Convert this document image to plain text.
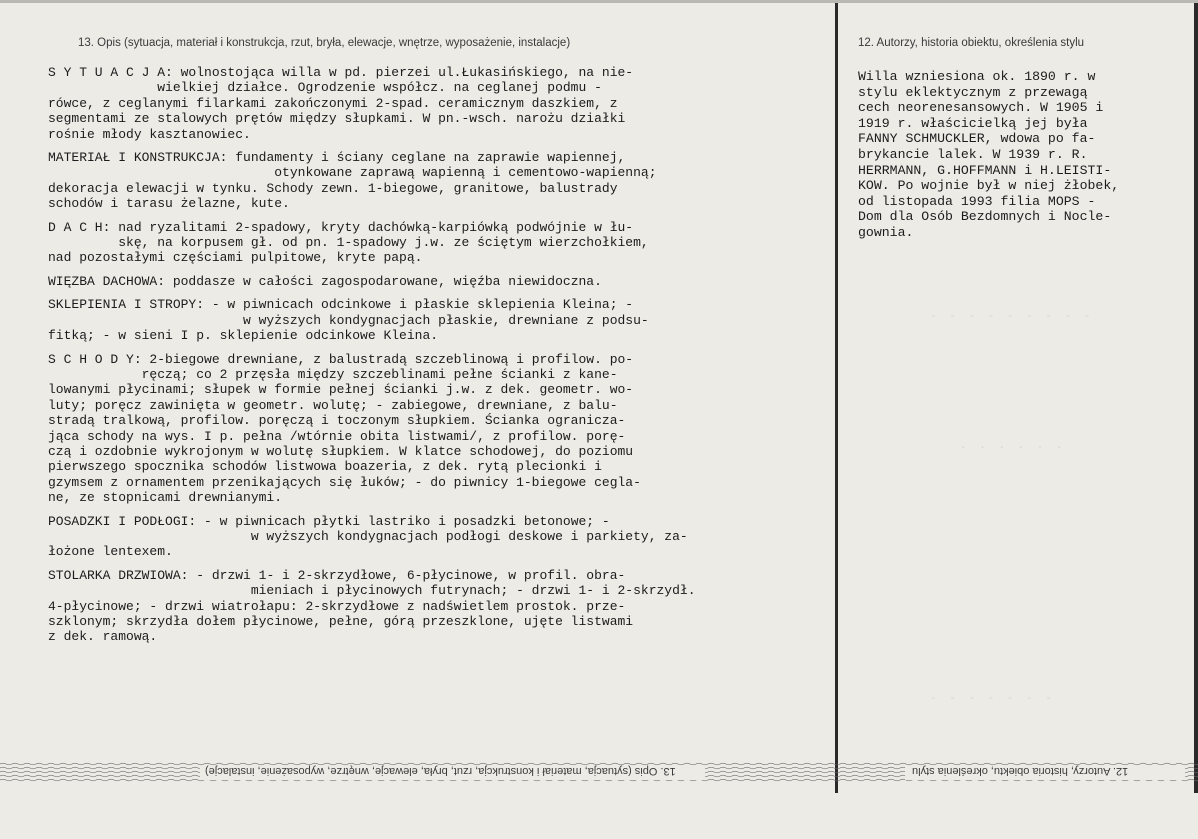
13. Opis (sytuacja, materiał i konstrukcja, rzut, bryła, elewacje, wnętrze, wyposażenie, instalacje)	12. Autorzy, historia obiektu, określenia stylu
S Y T U A C J A: wolnostojąca willa w pd. pierzei ul.Łukasińskiego, na nie-
wielkiej działce. Ogrodzenie współcz. na ceglanej podmu -
rówce, z ceglanymi filarkami zakończonymi 2-spad. ceramicznym daszkiem, z
segmentami ze stalowych prętów między słupkami. W pn.-wsch. narożu działki
rośnie młody kasztanowiec.
MATERIAŁ I KONSTRUKCJA: fundamenty i ściany ceglane na zaprawie wapiennej,
otynkowane zaprawą wapienną i cementowo-wapienną;
dekoracja elewacji w tynku. Schody zewn. 1-biegowe, granitowe, balustrady
schodów i tarasu żelazne, kute.
D A C H: nad ryzalitami 2-spadowy, kryty dachówką-karpiówką podwójnie w łu-
skę, na korpusem gł. od pn. 1-spadowy j.w. ze ściętym wierzchołkiem,
nad pozostałymi częściami pulpitowe, kryte papą.
WIĘZBA DACHOWA: poddasze w całości zagospodarowane, więźba niewidoczna.
SKLEPIENIA I STROPY: - w piwnicach odcinkowe i płaskie sklepienia Kleina; -
w wyższych kondygnacjach płaskie, drewniane z podsu-
fitką; - w sieni I p. sklepienie odcinkowe Kleina.
S C H O D Y: 2-biegowe drewniane, z balustradą szczeblinową i profilow. po-
ręczą; co 2 przęsła między szczeblinami pełne ścianki z kane-
lowanymi płycinami; słupek w formie pełnej ścianki j.w. z dek. geometr. wo-
luty; poręcz zawinięta w geometr. wolutę; - zabiegowe, drewniane, z balu-
stradą tralkową, profilow. poręczą i toczonym słupkiem. Ścianka ogranicza-
jąca schody na wys. I p. pełna /wtórnie obita listwami/, z profilow. porę-
czą i ozdobnie wykrojonym w wolutę słupkiem. W klatce schodowej, do poziomu
pierwszego spocznika schodów listwowa boazeria, z dek. rytą plecionki i
gzymsem z ornamentem przenikających się łuków; - do piwnicy 1-biegowe cegla-
ne, ze stopnicami drewnianymi.
POSADZKI I PODŁOGI: - w piwnicach płytki lastriko i posadzki betonowe; -
w wyższych kondygnacjach podłogi deskowe i parkiety, za-
łożone lentexem.
STOLARKA DRZWIOWA: - drzwi 1- i 2-skrzydłowe, 6-płycinowe, w profil. obra-
mieniach i płycinowych futrynach; - drzwi 1- i 2-skrzydł.
4-płycinowe; - drzwi wiatrołapu: 2-skrzydłowe z nadświetlem prostok. prze-
szklonym; skrzydła dołem płycinowe, pełne, górą przeszklone, ujęte listwami
z dek. ramową.
Willa wzniesiona ok. 1890 r. w
stylu eklektycznym z przewagą
cech neorenesansowych. W 1905 i
1919 r. właścicielką jej była
FANNY SCHMUCKLER, wdowa po fa-
brykancie lalek. W 1939 r. R.
HERRMANN, G.HOFFMANN i H.LEISTI-
KOW. Po wojnie był w niej żłobek,
od listopada 1993 filia MOPS -
Dom dla Osób Bezdomnych i Nocle-
gownia.
- - - - - - - - -
. . . . . .
- - - - - - -
13. Opis (sytuacja, materiał i konstrukcja, rzut, bryła, elewacje, wnętrze, wyposażenie, instalacje)	12. Autorzy, historia obiektu, określenia stylu
